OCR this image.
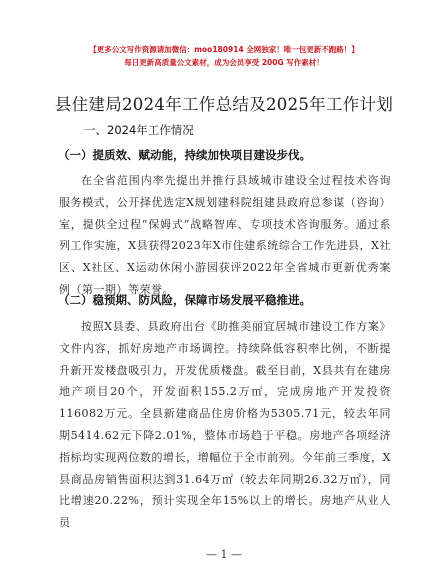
【更多公文写作资源请加微信：moo180914 全网独家！唯一包更新不跑路！】
每日更新高质量公文素材，成为会员享受 200G 写作素材！
县住建局2024年工作总结及2025年工作计划
一、2024年工作情况
（一）提质效、赋动能，持续加快项目建设步伐。
在全省范围内率先提出并推行县域城市建设全过程技术咨询服务模式，公开择优选定X规划建科院组建县政府总参谋（咨询）室，提供全过程“保姆式”战略智库、专项技术咨询服务。通过系列工作实施，X县获得2023年X市住建系统综合工作先进县，X社区、X社区、X运动休闲小游园获评2022年全省城市更新优秀案例（第一期）等荣誉。
（二）稳预期、防风险，保障市场发展平稳推进。
按照X县委、县政府出台《助推美丽宜居城市建设工作方案》文件内容，抓好房地产市场调控。持续降低容积率比例，不断提升新开发楼盘吸引力，开发优质楼盘。截至目前，X县共有在建房地产项目20个，开发面积155.2万㎡，完成房地产开发投资116082万元。全县新建商品住房价格为5305.71元，较去年同期5414.62元下降2.01%，整体市场趋于平稳。房地产各项经济指标均实现两位数的增长，增幅位于全市前列。今年前三季度，X县商品房销售面积达到31.64万㎡（较去年同期26.32万㎡），同比增速20.22%，预计实现全年15%以上的增长。房地产从业人员
— 1 —
